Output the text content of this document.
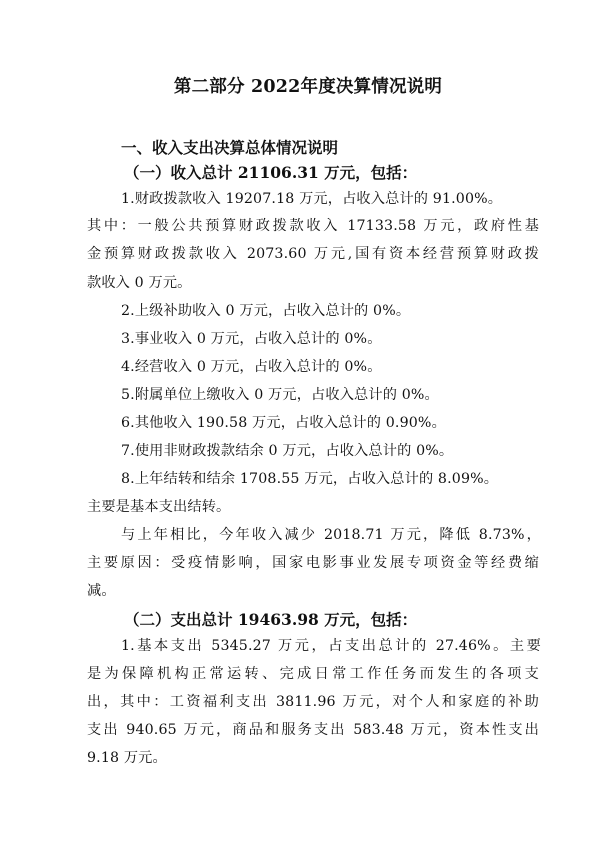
第二部分 2022年度决算情况说明
一、收入支出决算总体情况说明
（一）收入总计 21106.31 万元，包括：
1.财政拨款收入 19207.18 万元，占收入总计的 91.00%。
其中：一般公共预算财政拨款收入 17133.58 万元，政府性基
金预算财政拨款收入 2073.60 万元,国有资本经营预算财政拨
款收入 0 万元。
2.上级补助收入 0 万元，占收入总计的 0%。
3.事业收入 0 万元，占收入总计的 0%。
4.经营收入 0 万元，占收入总计的 0%。
5.附属单位上缴收入 0 万元，占收入总计的 0%。
6.其他收入 190.58 万元，占收入总计的 0.90%。
7.使用非财政拨款结余 0 万元，占收入总计的 0%。
8.上年结转和结余 1708.55 万元，占收入总计的 8.09%。
主要是基本支出结转。
与上年相比，今年收入减少 2018.71 万元，降低 8.73%，
主要原因：受疫情影响，国家电影事业发展专项资金等经费缩
减。
（二）支出总计 19463.98 万元，包括：
1.基本支出 5345.27 万元，占支出总计的 27.46%。主要
是为保障机构正常运转、完成日常工作任务而发生的各项支
出，其中：工资福利支出 3811.96 万元，对个人和家庭的补助
支出 940.65 万元，商品和服务支出 583.48 万元，资本性支出
9.18 万元。
